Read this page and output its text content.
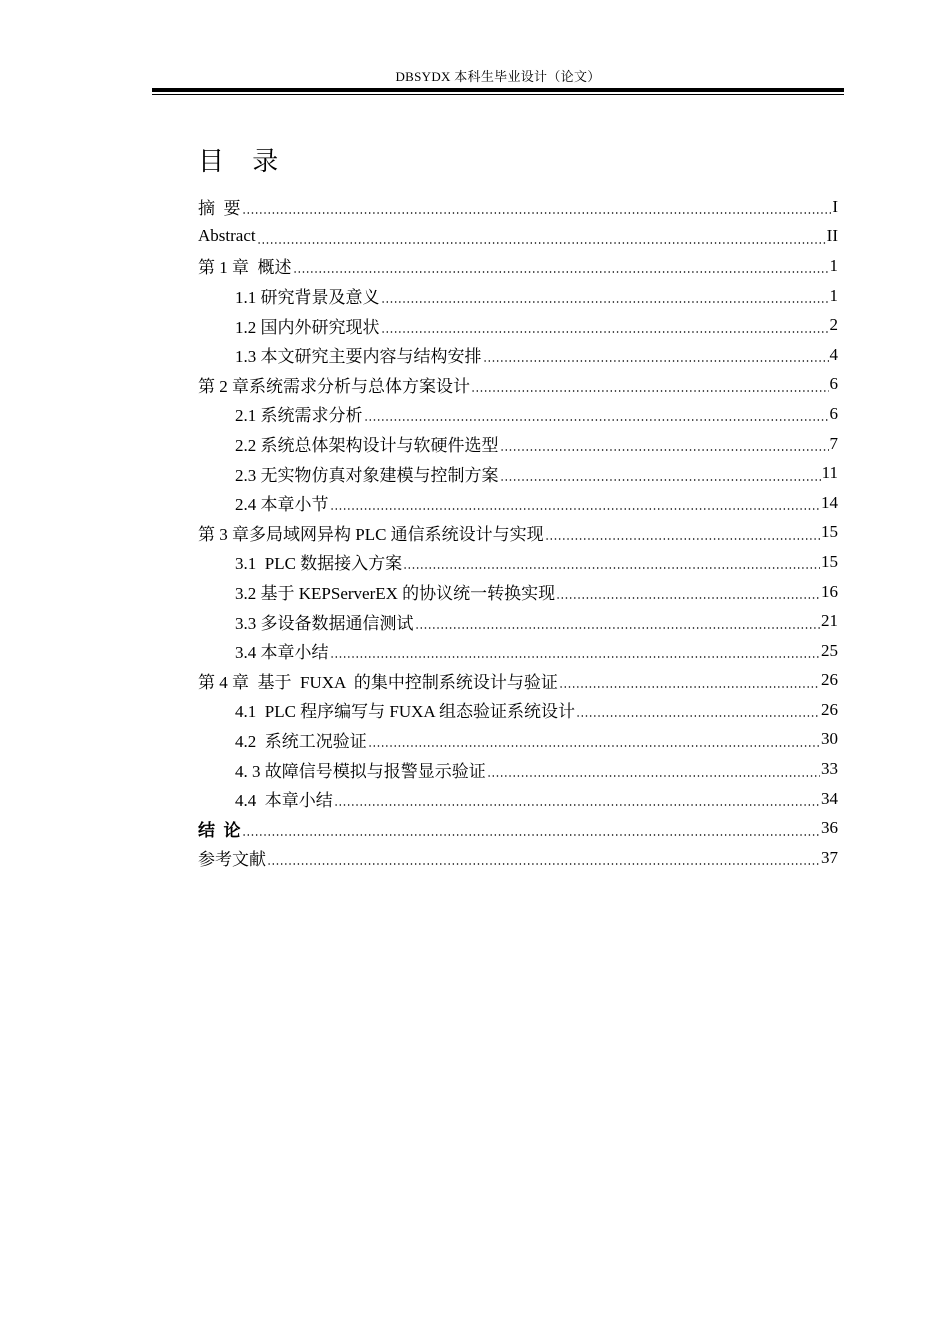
DBSYDX 本科生毕业设计（论文）
目 录
摘  要	I
Abstract	II
第 1 章  概述	1
1.1 研究背景及意义	1
1.2 国内外研究现状	2
1.3 本文研究主要内容与结构安排	4
第 2 章系统需求分析与总体方案设计	6
2.1 系统需求分析	6
2.2 系统总体架构设计与软硬件选型	7
2.3 无实物仿真对象建模与控制方案	11
2.4 本章小节	14
第 3 章多局域网异构 PLC 通信系统设计与实现	15
3.1  PLC 数据接入方案	15
3.2 基于 KEPServerEX 的协议统一转换实现	16
3.3 多设备数据通信测试	21
3.4 本章小结	25
第 4 章  基于  FUXA  的集中控制系统设计与验证	26
4.1  PLC 程序编写与 FUXA 组态验证系统设计	26
4.2  系统工况验证	30
4. 3 故障信号模拟与报警显示验证	33
4.4  本章小结	34
结  论	36
参考文献	37
